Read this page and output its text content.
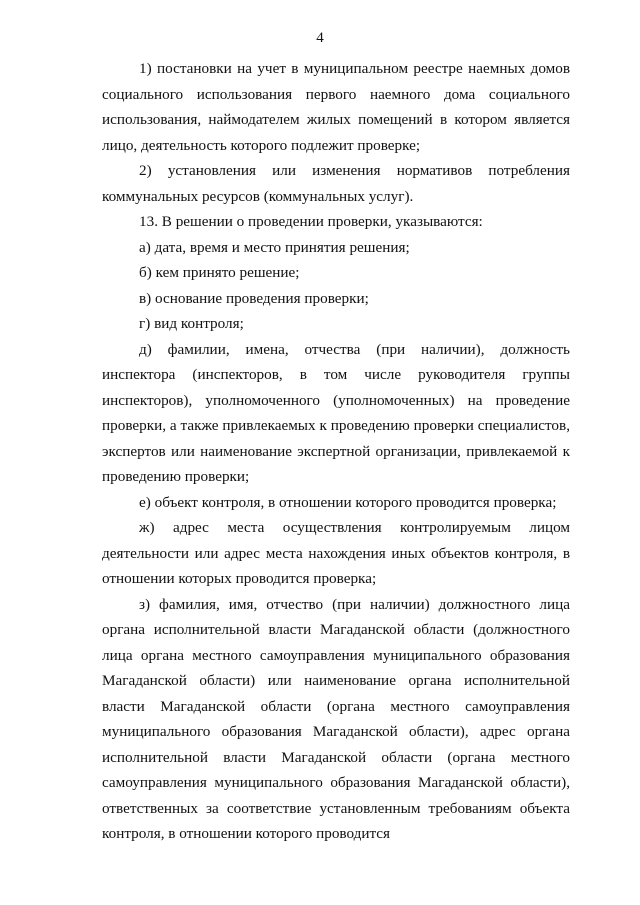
4

1) постановки на учет в муниципальном реестре наемных домов социального использования первого наемного дома социального использования, наймодателем жилых помещений в котором является лицо, деятельность которого подлежит проверке;

2) установления или изменения нормативов потребления коммунальных ресурсов (коммунальных услуг).

13. В решении о проведении проверки, указываются:

а) дата, время и место принятия решения;

б) кем принято решение;

в) основание проведения проверки;

г) вид контроля;

д) фамилии, имена, отчества (при наличии), должность инспектора (инспекторов, в том числе руководителя группы инспекторов), уполномоченного (уполномоченных) на проведение проверки, а также привлекаемых к проведению проверки специалистов, экспертов или наименование экспертной организации, привлекаемой к проведению проверки;

е) объект контроля, в отношении которого проводится проверка;

ж) адрес места осуществления контролируемым лицом деятельности или адрес места нахождения иных объектов контроля, в отношении которых проводится проверка;

з) фамилия, имя, отчество (при наличии) должностного лица органа исполнительной власти Магаданской области (должностного лица органа местного самоуправления муниципального образования Магаданской области) или наименование органа исполнительной власти Магаданской области (органа местного самоуправления муниципального образования Магаданской области), адрес органа исполнительной власти Магаданской области (органа местного самоуправления муниципального образования Магаданской области), ответственных за соответствие установленным требованиям объекта контроля, в отношении которого проводится
